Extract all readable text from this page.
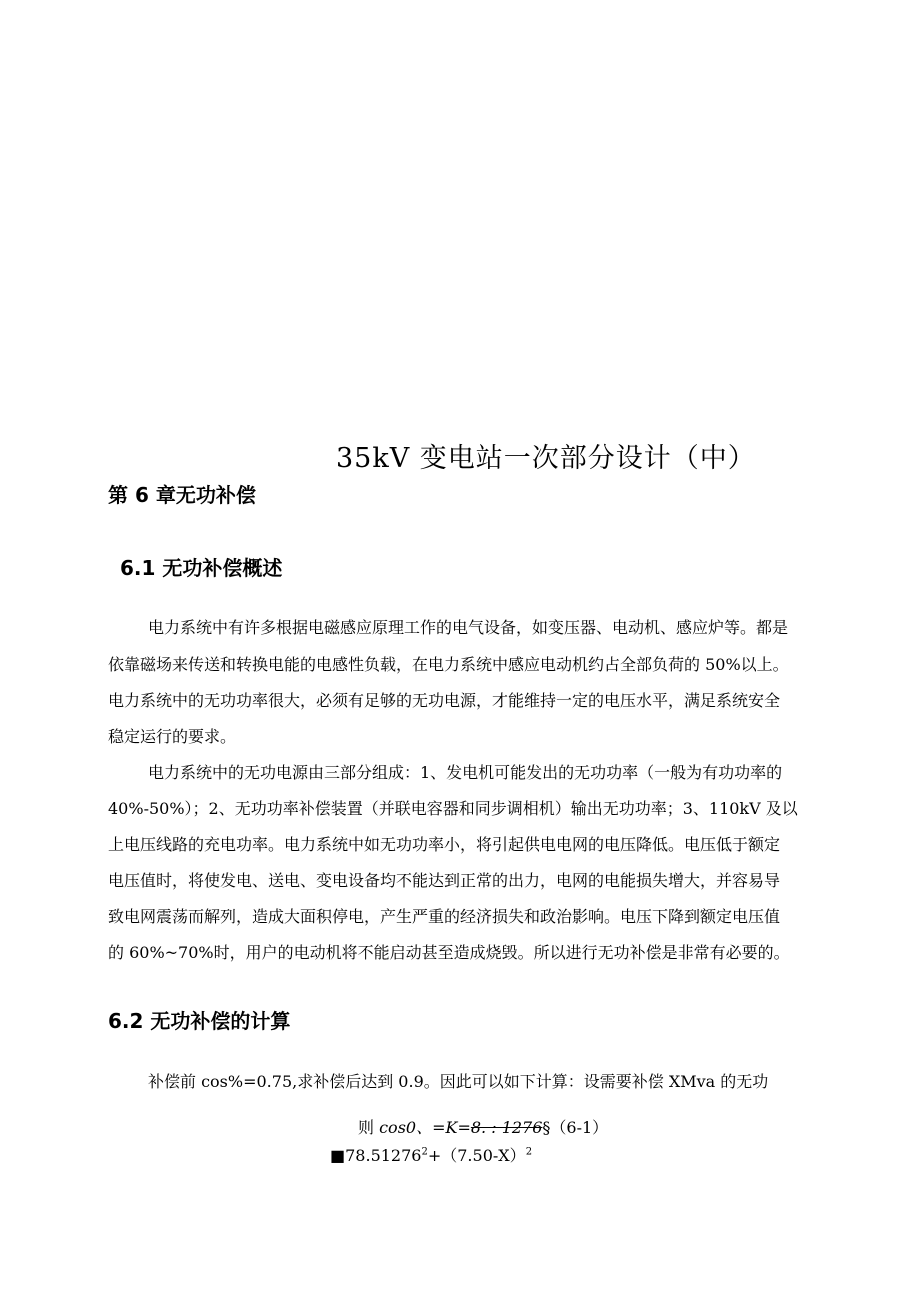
35kV 变电站一次部分设计（中）
第 6 章无功补偿
6.1 无功补偿概述
电力系统中有许多根据电磁感应原理工作的电气设备，如变压器、电动机、感应炉等。都是
依靠磁场来传送和转换电能的电感性负载，在电力系统中感应电动机约占全部负荷的 50%以上。
电力系统中的无功功率很大，必须有足够的无功电源，才能维持一定的电压水平，满足系统安全
稳定运行的要求。
电力系统中的无功电源由三部分组成：1、发电机可能发出的无功功率（一般为有功功率的
40%-50%）；2、无功功率补偿装置（并联电容器和同步调相机）输出无功功率；3、110kV 及以
上电压线路的充电功率。电力系统中如无功功率小，将引起供电电网的电压降低。电压低于额定
电压值时，将使发电、送电、变电设备均不能达到正常的出力，电网的电能损失增大，并容易导
致电网震荡而解列，造成大面积停电，产生严重的经济损失和政治影响。电压下降到额定电压值
的 60%~70%时，用户的电动机将不能启动甚至造成烧毁。所以进行无功补偿是非常有必要的。
6.2 无功补偿的计算
补偿前 cos%=0.75,求补偿后达到 0.9。因此可以如下计算：设需要补偿 XMva 的无功
则 cos0、=K=8. : 1276§（6-1）
$■78.51276^2+(7.50-X)^2$
